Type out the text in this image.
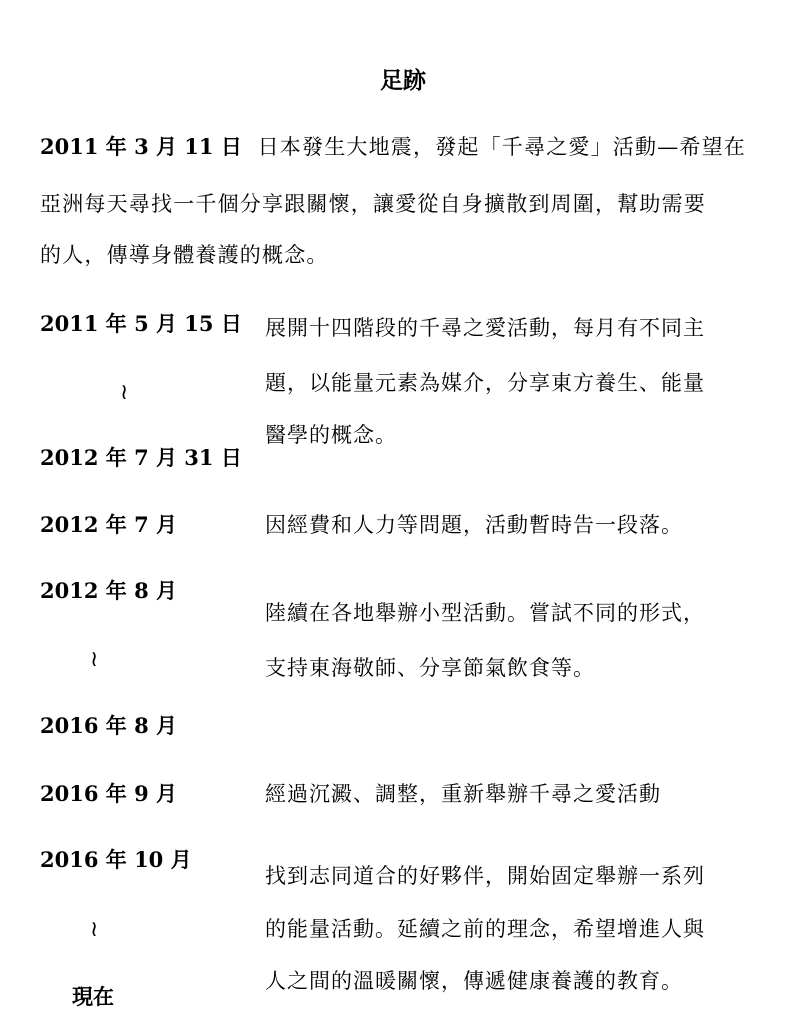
足跡
2011 年 3 月 11 日 日本發生大地震，發起「千尋之愛」活動—希望在
亞洲每天尋找一千個分享跟關懷，讓愛從自身擴散到周圍，幫助需要
的人，傳導身體養護的概念。
2011 年 5 月 15 日
≀
2012 年 7 月 31 日
展開十四階段的千尋之愛活動，每月有不同主
題，以能量元素為媒介，分享東方養生、能量
醫學的概念。
2012 年 7 月	因經費和人力等問題，活動暫時告一段落。
2012 年 8 月
≀
2016 年 8 月
陸續在各地舉辦小型活動。嘗試不同的形式，
支持東海敬師、分享節氣飲食等。
2016 年 9 月	經過沉澱、調整，重新舉辦千尋之愛活動
2016 年 10 月
≀
現在
找到志同道合的好夥伴，開始固定舉辦一系列
的能量活動。延續之前的理念，希望增進人與
人之間的溫暖關懷，傳遞健康養護的教育。
